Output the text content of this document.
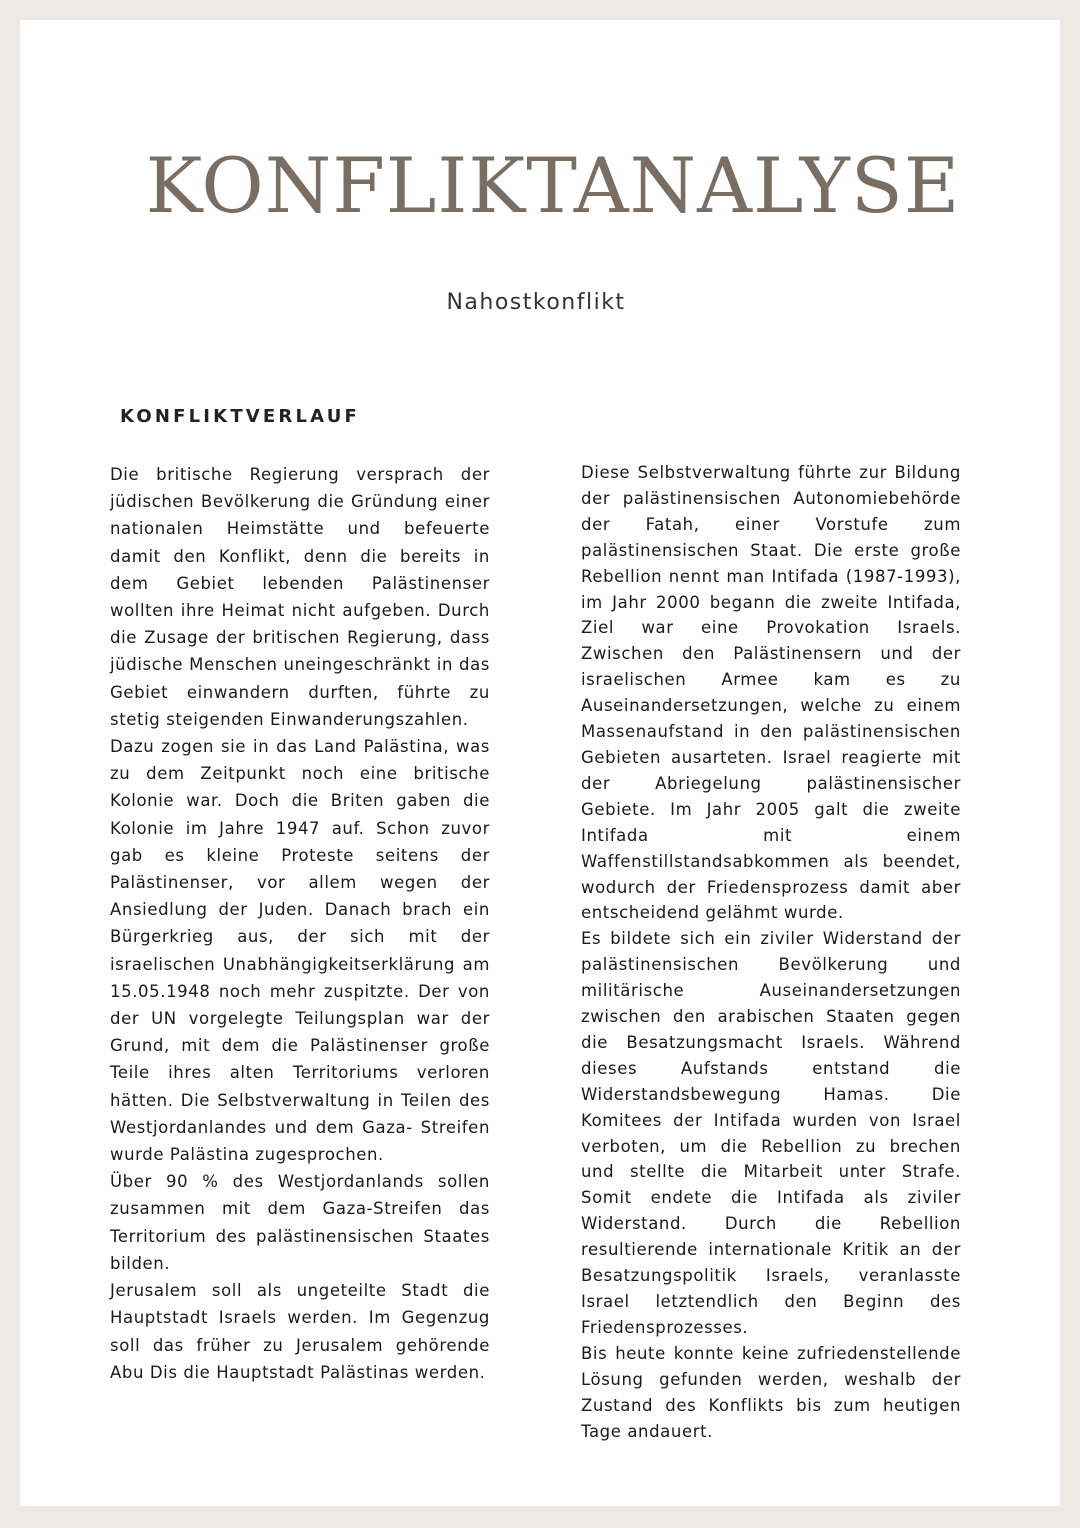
KONFLIKTANALYSE
Nahostkonflikt
KONFLIKTVERLAUF

Die britische Regierung versprach der jüdischen Bevölkerung die Gründung einer nationalen Heimstätte und befeuerte damit den Konflikt, denn die bereits in dem Gebiet lebenden Palästinenser wollten ihre Heimat nicht aufgeben. Durch die Zusage der britischen Regierung, dass jüdische Menschen uneingeschränkt in das Gebiet einwandern durften, führte zu stetig steigenden Einwanderungszahlen.

Dazu zogen sie in das Land Palästina, was zu dem Zeitpunkt noch eine britische Kolonie war. Doch die Briten gaben die Kolonie im Jahre 1947 auf. Schon zuvor gab es kleine Proteste seitens der Palästinenser, vor allem wegen der Ansiedlung der Juden. Danach brach ein Bürgerkrieg aus, der sich mit der israelischen Unabhängigkeitserklärung am 15.05.1948 noch mehr zuspitzte. Der von der UN vorgelegte Teilungsplan war der Grund, mit dem die Palästinenser große Teile ihres alten Territoriums verloren hätten. Die Selbstverwaltung in Teilen des Westjordanlandes und dem Gaza- Streifen wurde Palästina zugesprochen.

Über 90 % des Westjordanlands sollen zusammen mit dem Gaza-Streifen das Territorium des palästinensischen Staates bilden.

Jerusalem soll als ungeteilte Stadt die Hauptstadt Israels werden. Im Gegenzug soll das früher zu Jerusalem gehörende Abu Dis die Hauptstadt Palästinas werden.

Diese Selbstverwaltung führte zur Bildung der palästinensischen Autonomiebehörde der Fatah, einer Vorstufe zum palästinensischen Staat. Die erste große Rebellion nennt man Intifada (1987-1993), im Jahr 2000 begann die zweite Intifada, Ziel war eine Provokation Israels. Zwischen den Palästinensern und der israelischen Armee kam es zu Auseinandersetzungen, welche zu einem Massenaufstand in den palästinensischen Gebieten ausarteten. Israel reagierte mit der Abriegelung palästinensischer Gebiete. Im Jahr 2005 galt die zweite Intifada mit einem Waffenstillstandsabkommen als beendet, wodurch der Friedensprozess damit aber entscheidend gelähmt wurde.

Es bildete sich ein ziviler Widerstand der palästinensischen Bevölkerung und militärische Auseinandersetzungen zwischen den arabischen Staaten gegen die Besatzungsmacht Israels. Während dieses Aufstands entstand die Widerstandsbewegung Hamas. Die Komitees der Intifada wurden von Israel verboten, um die Rebellion zu brechen und stellte die Mitarbeit unter Strafe. Somit endete die Intifada als ziviler Widerstand. Durch die Rebellion resultierende internationale Kritik an der Besatzungspolitik Israels, veranlasste Israel letztendlich den Beginn des Friedensprozesses.

Bis heute konnte keine zufriedenstellende Lösung gefunden werden, weshalb der Zustand des Konflikts bis zum heutigen Tage andauert.
